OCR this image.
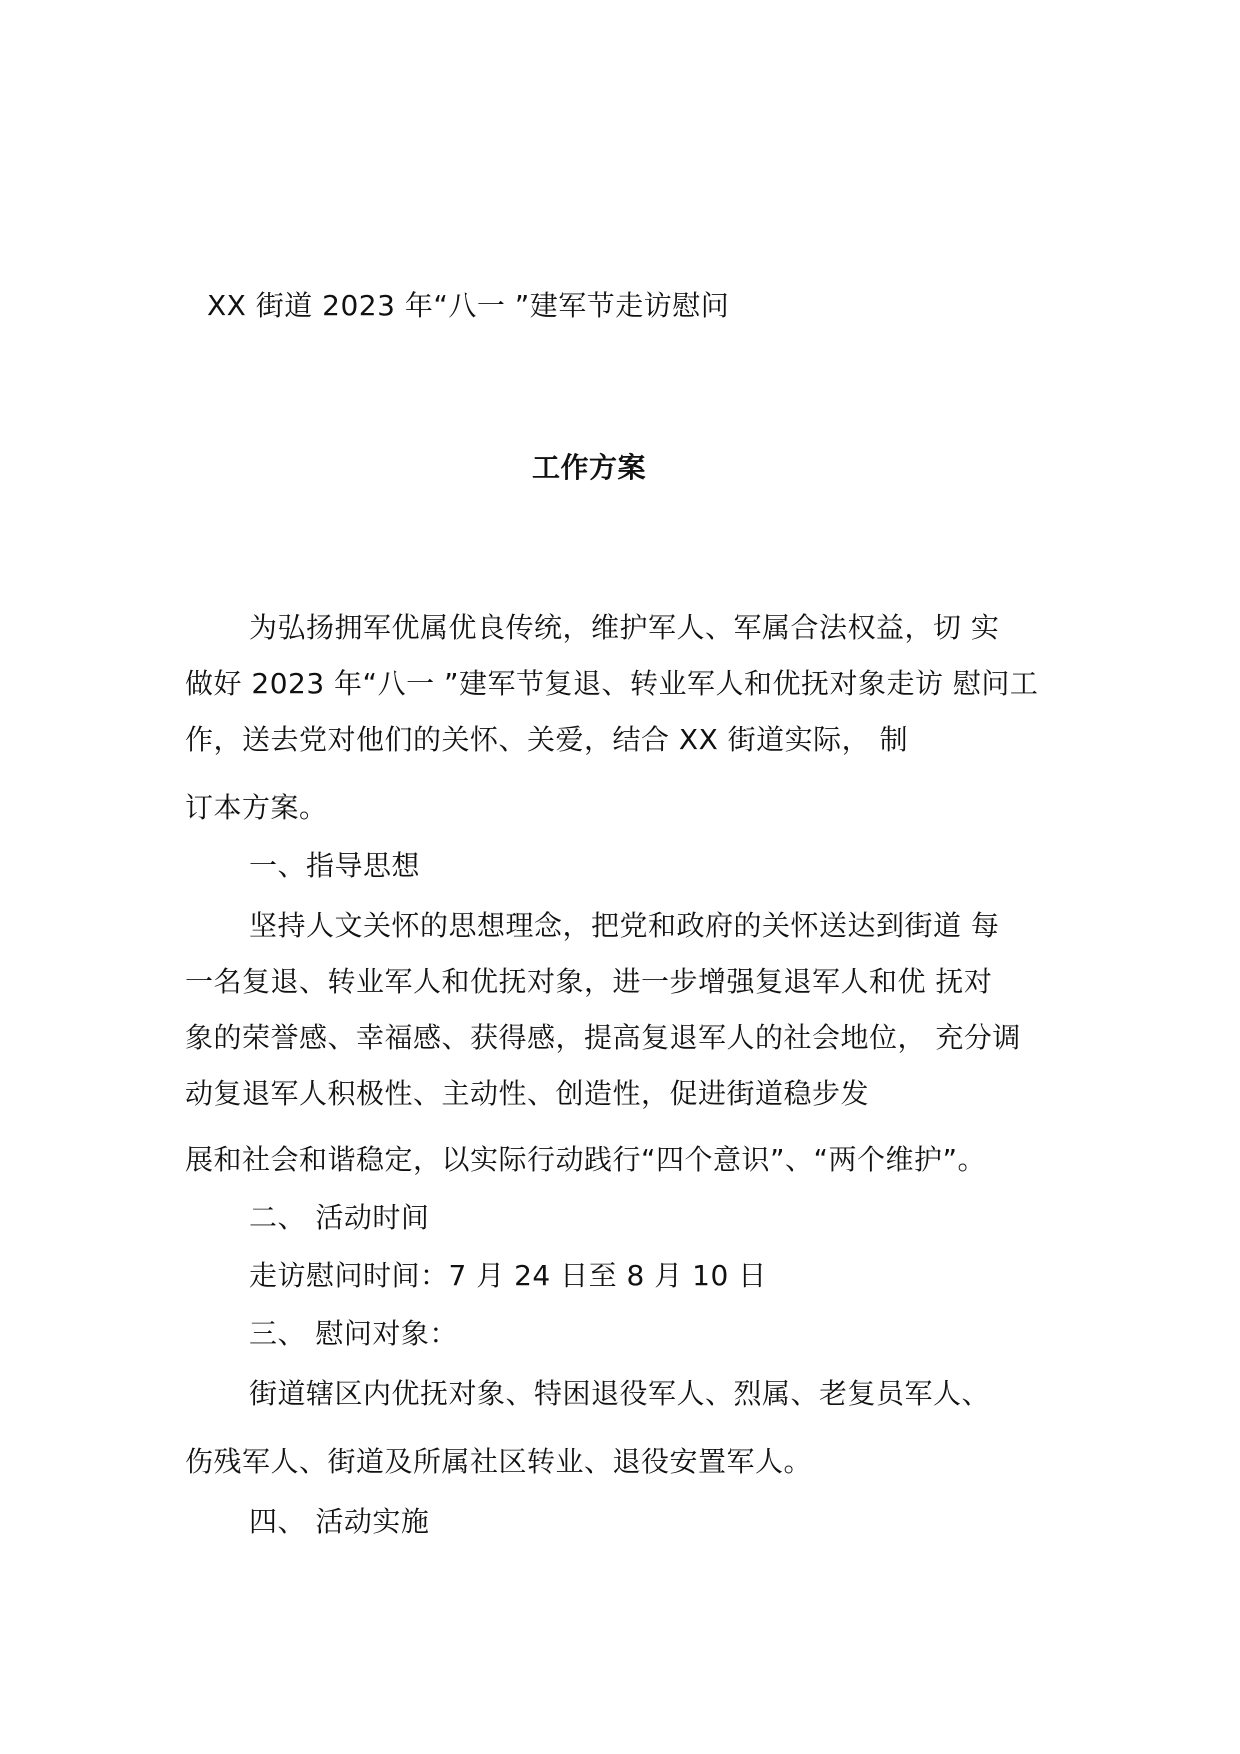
XX 街道 2023 年“八一 ”建军节走访慰问
工作方案
为弘扬拥军优属优良传统，维护军人、军属合法权益，切 实
做好 2023 年“八一 ”建军节复退、转业军人和优抚对象走访 慰问工
作，送去党对他们的关怀、关爱，结合 XX 街道实际， 制
订本方案。
一、指导思想
坚持人文关怀的思想理念，把党和政府的关怀送达到街道 每
一名复退、转业军人和优抚对象，进一步增强复退军人和优 抚对
象的荣誉感、幸福感、获得感，提高复退军人的社会地位， 充分调
动复退军人积极性、主动性、创造性，促进街道稳步发
展和社会和谐稳定，以实际行动践行“四个意识”、“两个维护”。
二、 活动时间
走访慰问时间：7 月 24 日至 8 月 10 日
三、 慰问对象：
街道辖区内优抚对象、特困退役军人、烈属、老复员军人、
伤残军人、街道及所属社区转业、退役安置军人。
四、 活动实施
